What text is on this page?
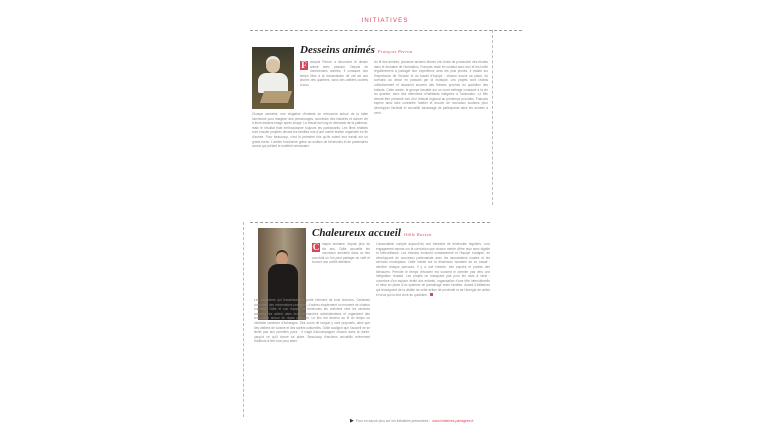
INITIATIVES
Desseins animés François Perron
F	rançois Perron a découvert le dessin animé avec passion. Depuis de nombreuses années, il consacre son temps libre à la transmission de cet art aux jeunes des quartiers, dans des ateliers ouverts à tous.
Chaque semaine, une vingtaine d'enfants se retrouvent autour de la table lumineuse pour imaginer des personnages, construire des histoires et donner vie à leurs dessins image après image. Le travail est long et demande de la patience, mais le résultat final enthousiasme toujours les participants. Les films réalisés sont ensuite projetés devant les familles lors d'une soirée festive organisée en fin d'année. Pour beaucoup, c'est la première fois qu'ils voient leur travail sur un grand écran. L'atelier fonctionne grâce au soutien de bénévoles et de partenaires locaux qui prêtent le matériel nécessaire.
Au fil des années, plusieurs anciens élèves ont choisi de poursuivre des études dans le domaine de l'animation. François reste en contact avec eux et les invite régulièrement à partager leur expérience avec les plus jeunes. Il insiste sur l'importance de l'écoute et du travail d'équipe : chacun trouve sa place, du scénario au décor en passant par la musique. Les projets sont choisis collectivement et abordent souvent des thèmes proches du quotidien des enfants. Cette année, le groupe travaille sur un court métrage consacré à la vie du quartier, avec des interviews d'habitants intégrées à l'animation. Le film devrait être présenté lors d'un festival régional au printemps prochain. François espère ainsi faire connaître l'atelier et trouver de nouveaux soutiens pour développer l'activité et accueillir davantage de participants dans les années à venir.
Chaleureux accueil Odile Karsen
C haque semaine, depuis plus de dix ans, Odile accueille les nouveaux arrivants dans un lieu convivial où l'on peut partager un café et trouver une oreille attentive.
Les personnes qui franchissent la porte viennent de tous horizons. Certaines cherchent des informations pratiques, d'autres simplement un moment de chaleur humaine. Odile et son équipe de bénévoles les orientent vers les services adaptés, les aident dans leurs démarches administratives et organisent des rencontres autour de repas partagés. Le lieu est devenu au fil du temps un véritable carrefour d'échanges. Des cours de langue y sont proposés, ainsi que des ateliers de cuisine et des sorties culturelles. Odile souligne que l'accueil ne se limite pas aux premiers jours : il s'agit d'accompagner chacun dans la durée, jusqu'à ce qu'il trouve sa place. Beaucoup d'anciens accueillis reviennent d'ailleurs à leur tour pour aider.
L'association compte aujourd'hui une trentaine de bénévoles réguliers. Leur engagement repose sur la conviction que chacun mérite d'être reçu avec dignité et bienveillance. Les besoins évoluent constamment et l'équipe s'adapte, en développant de nouveaux partenariats avec les associations locales et les services municipaux. Odile insiste sur la dimension humaine de ce travail : derrière chaque parcours, il y a une histoire, des espoirs et parfois des blessures. Prendre le temps d'écouter est souvent le premier pas vers une intégration réussie. Les projets ne manquent pas pour les mois à venir : ouverture d'un espace dédié aux enfants, organisation d'une fête interculturelle et mise en place d'un système de parrainage entre familles. Autant d'initiatives qui témoignent de la vitalité de cette action de proximité et de l'énergie de celles et ceux qui la font vivre au quotidien.
▶ Pour en savoir plus sur les initiatives présentées : www.initiatives-partagees.fr
